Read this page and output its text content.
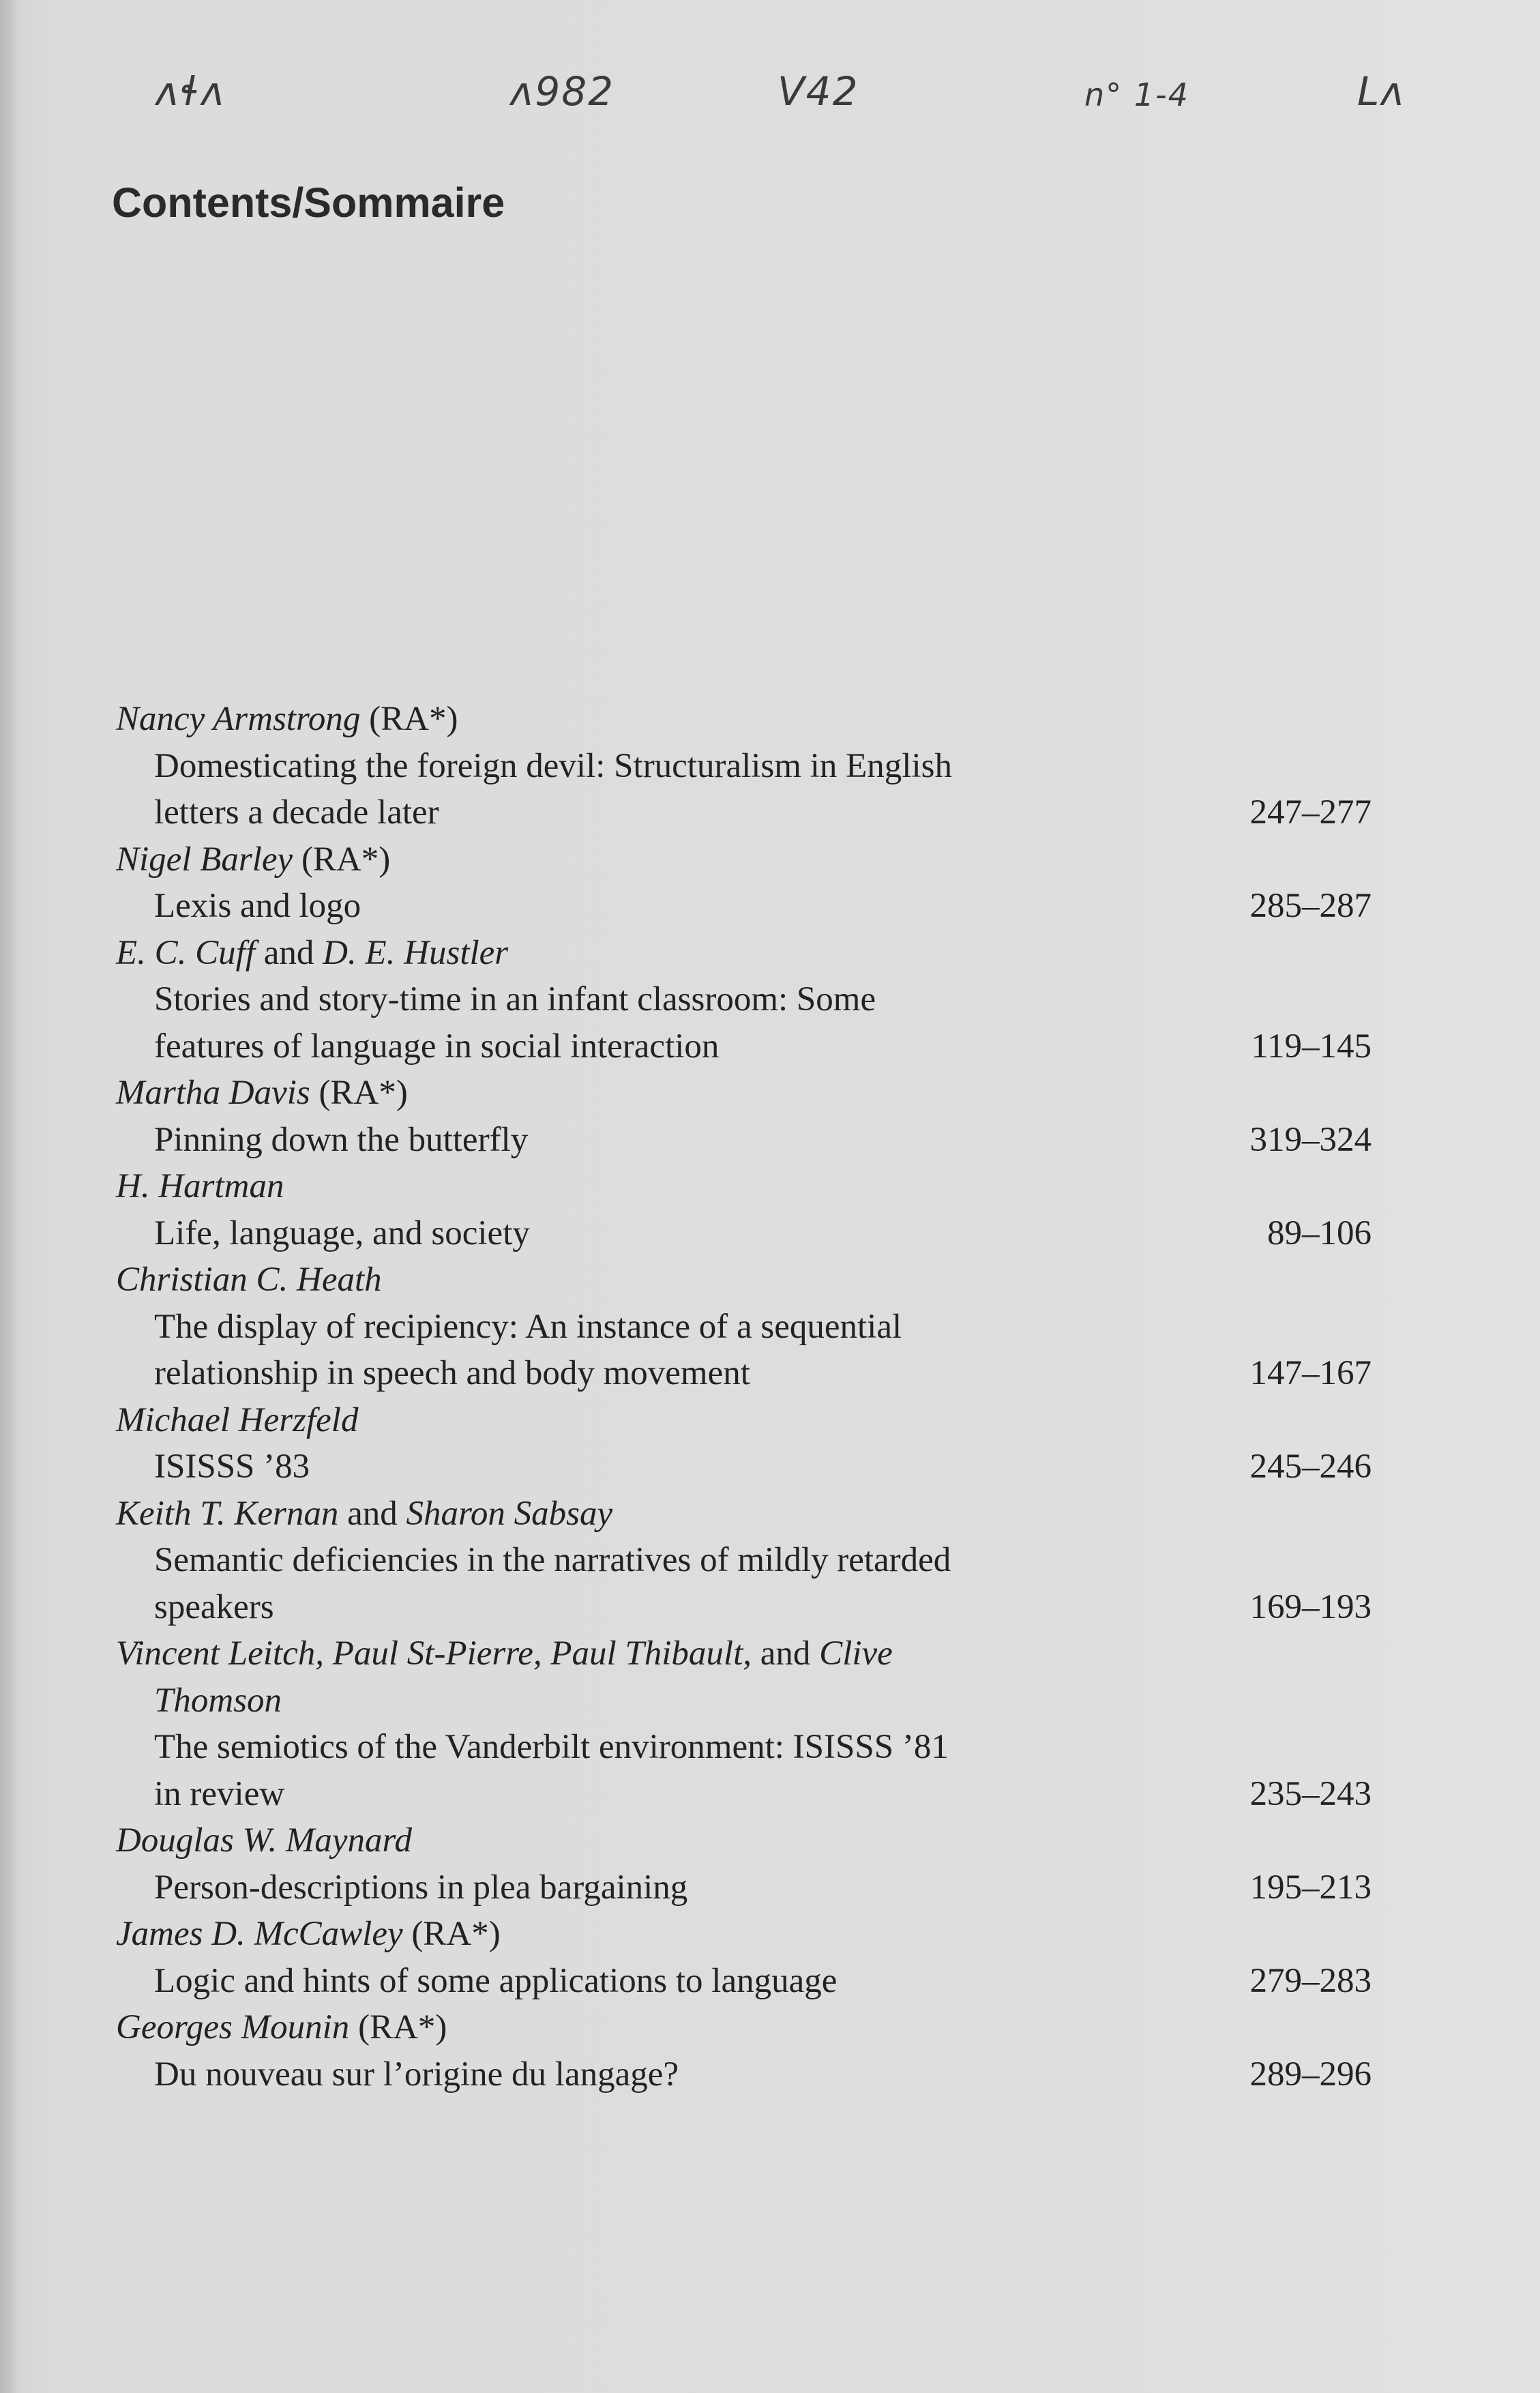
ʌɬʌ	ʌ982	V42	n° 1-4	Lʌ
Contents/Sommaire
Nancy Armstrong (RA*)
Domesticating the foreign devil: Structuralism in English
letters a decade later	247–277
Nigel Barley (RA*)
Lexis and logo	285–287
E. C. Cuff and D. E. Hustler
Stories and story-time in an infant classroom: Some
features of language in social interaction	119–145
Martha Davis (RA*)
Pinning down the butterfly	319–324
H. Hartman
Life, language, and society	89–106
Christian C. Heath
The display of recipiency: An instance of a sequential
relationship in speech and body movement	147–167
Michael Herzfeld
ISISSS ’83	245–246
Keith T. Kernan and Sharon Sabsay
Semantic deficiencies in the narratives of mildly retarded
speakers	169–193
Vincent Leitch, Paul St-Pierre, Paul Thibault, and Clive
Thomson
The semiotics of the Vanderbilt environment: ISISSS ’81
in review	235–243
Douglas W. Maynard
Person-descriptions in plea bargaining	195–213
James D. McCawley (RA*)
Logic and hints of some applications to language	279–283
Georges Mounin (RA*)
Du nouveau sur l’origine du langage?	289–296
